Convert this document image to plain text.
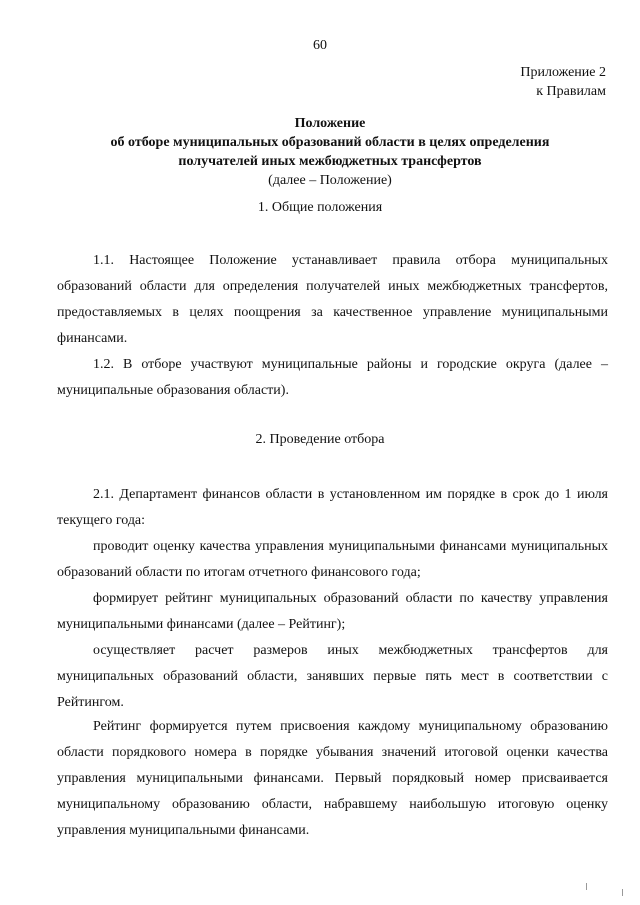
60
Приложение 2
к Правилам
Положение
об отборе муниципальных образований области в целях определения
получателей иных межбюджетных трансфертов
(далее – Положение)
1. Общие положения
1.1. Настоящее Положение устанавливает правила отбора муниципальных образований области для определения получателей иных межбюджетных трансфертов, предоставляемых в целях поощрения за качественное управление муниципальными финансами.
1.2. В отборе участвуют муниципальные районы и городские округа (далее – муниципальные образования области).
2. Проведение отбора
2.1. Департамент финансов области в установленном им порядке в срок до 1 июля текущего года:
проводит оценку качества управления муниципальными финансами муниципальных образований области по итогам отчетного финансового года;
формирует рейтинг муниципальных образований области по качеству управления муниципальными финансами (далее – Рейтинг);
осуществляет расчет размеров иных межбюджетных трансфертов для муниципальных образований области, занявших первые пять мест в соответствии с Рейтингом.
Рейтинг формируется путем присвоения каждому муниципальному образованию области порядкового номера в порядке убывания значений итоговой оценки качества управления муниципальными финансами. Первый порядковый номер присваивается муниципальному образованию области, набравшему наибольшую итоговую оценку управления муниципальными финансами.
